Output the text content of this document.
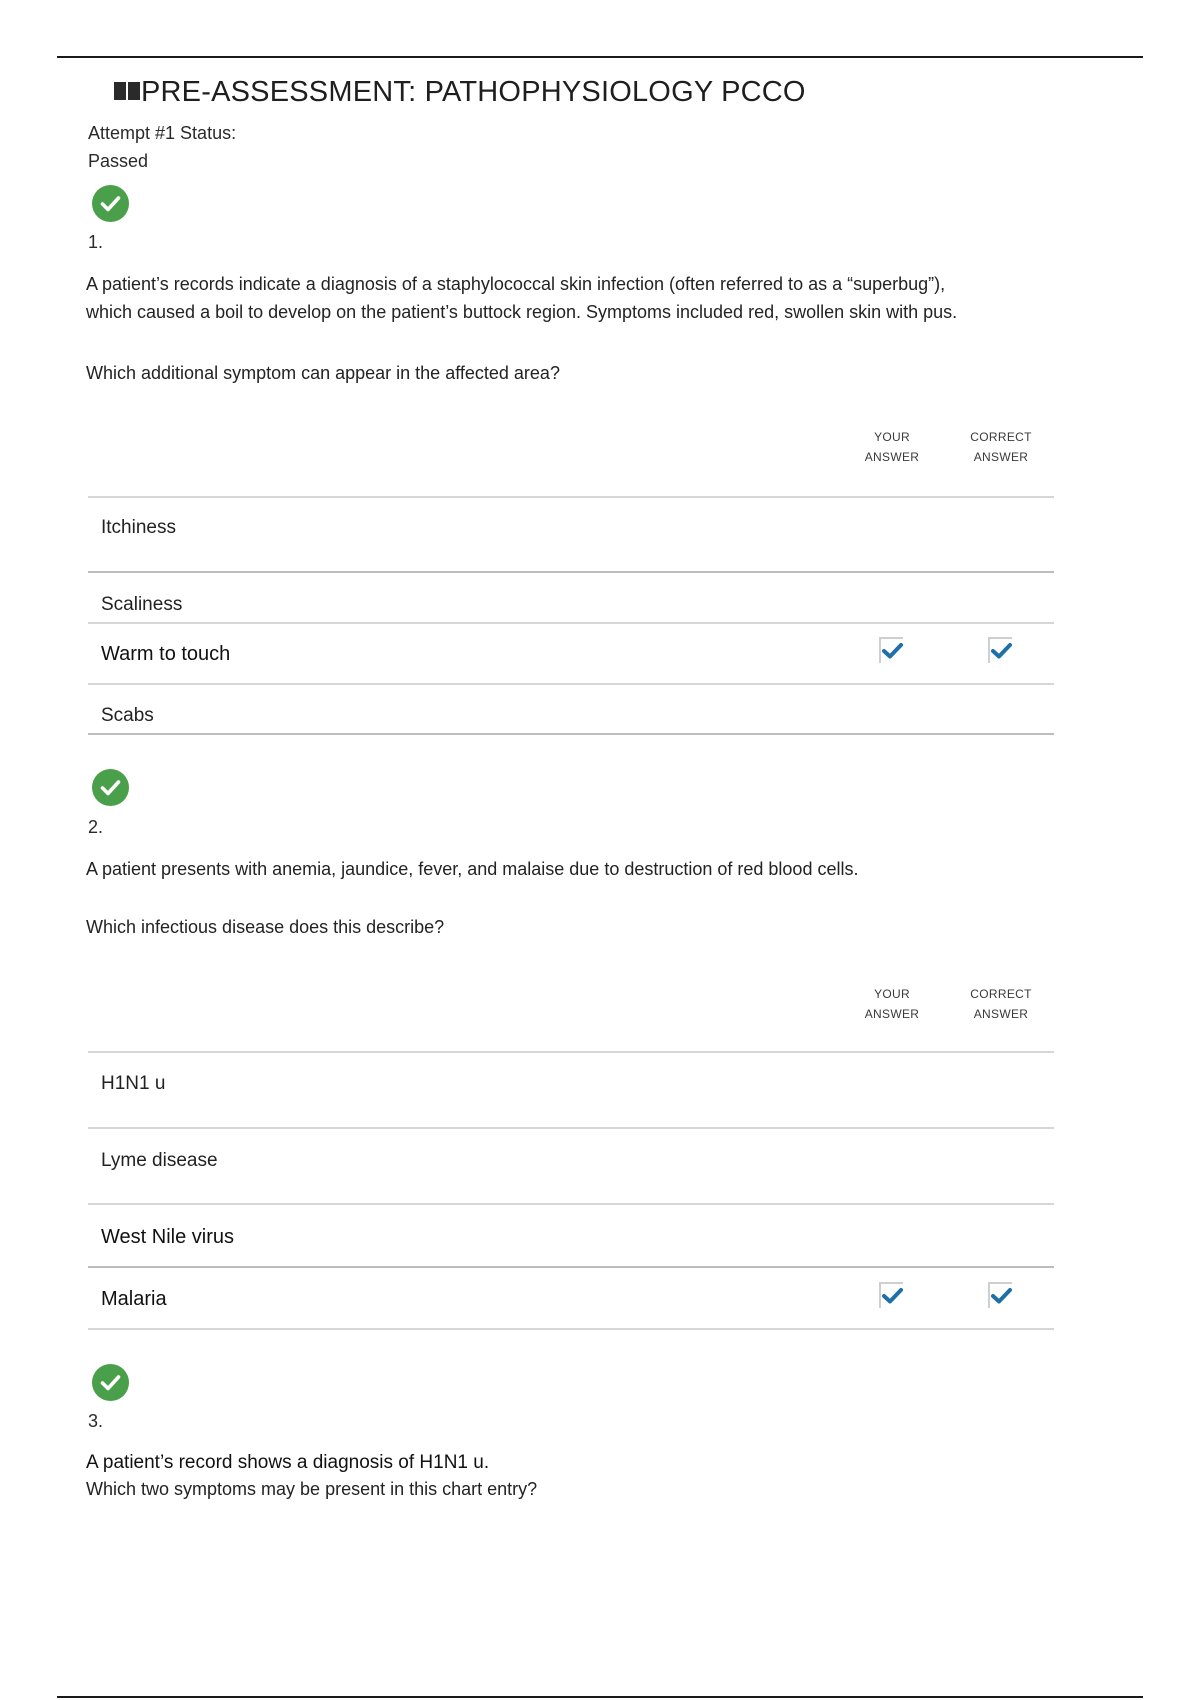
PRE-ASSESSMENT: PATHOPHYSIOLOGY PCCO
Attempt #1 Status:
Passed
1.
A patient’s records indicate a diagnosis of a staphylococcal skin infection (often referred to as a “superbug”),
which caused a boil to develop on the patient’s buttock region. Symptoms included red, swollen skin with pus.
Which additional symptom can appear in the affected area?
YOUR
ANSWER
CORRECT
ANSWER
Itchiness
Scaliness
Warm to touch
Scabs
2.
A patient presents with anemia, jaundice, fever, and malaise due to destruction of red blood cells.
Which infectious disease does this describe?
YOUR
ANSWER
CORRECT
ANSWER
H1N1 u
Lyme disease
West Nile virus
Malaria
3.
A patient’s record shows a diagnosis of H1N1 u.
Which two symptoms may be present in this chart entry?
